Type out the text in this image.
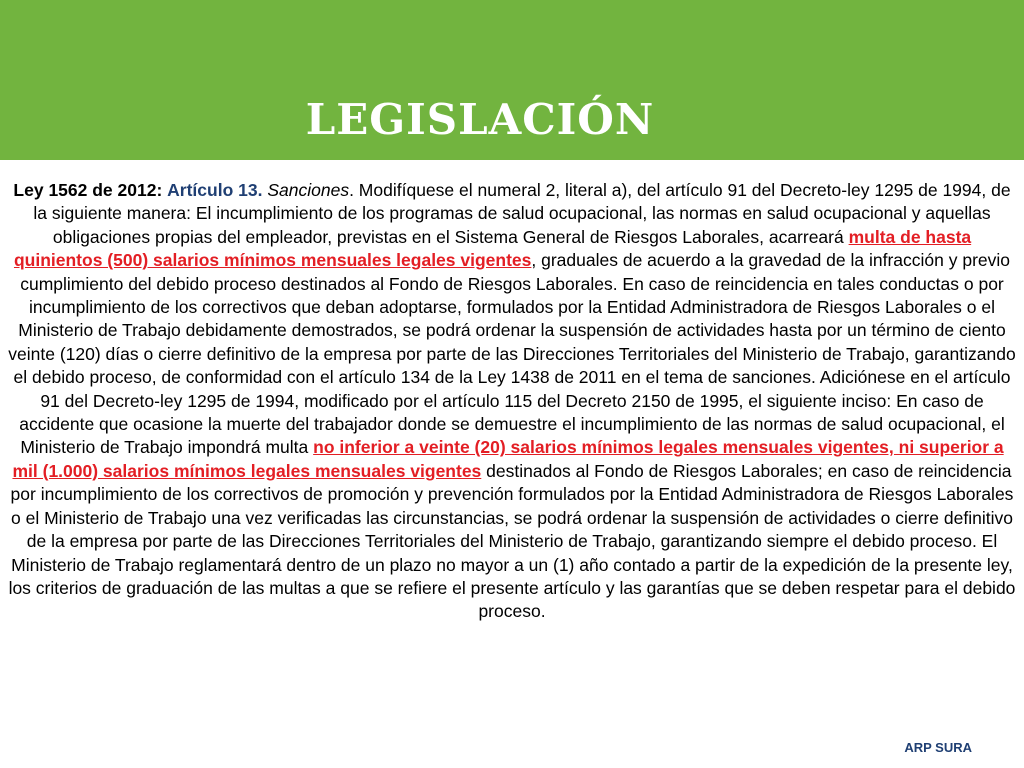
LEGISLACIÓN
Ley 1562 de 2012: Artículo 13. Sanciones. Modifíquese el numeral 2, literal a), del artículo 91 del Decreto-ley 1295 de 1994, de la siguiente manera: El incumplimiento de los programas de salud ocupacional, las normas en salud ocupacional y aquellas obligaciones propias del empleador, previstas en el Sistema General de Riesgos Laborales, acarreará multa de hasta quinientos (500) salarios mínimos mensuales legales vigentes, graduales de acuerdo a la gravedad de la infracción y previo cumplimiento del debido proceso destinados al Fondo de Riesgos Laborales. En caso de reincidencia en tales conductas o por incumplimiento de los correctivos que deban adoptarse, formulados por la Entidad Administradora de Riesgos Laborales o el Ministerio de Trabajo debidamente demostrados, se podrá ordenar la suspensión de actividades hasta por un término de ciento veinte (120) días o cierre definitivo de la empresa por parte de las Direcciones Territoriales del Ministerio de Trabajo, garantizando el debido proceso, de conformidad con el artículo 134 de la Ley 1438 de 2011 en el tema de sanciones. Adiciónese en el artículo 91 del Decreto-ley 1295 de 1994, modificado por el artículo 115 del Decreto 2150 de 1995, el siguiente inciso: En caso de accidente que ocasione la muerte del trabajador donde se demuestre el incumplimiento de las normas de salud ocupacional, el Ministerio de Trabajo impondrá multa no inferior a veinte (20) salarios mínimos legales mensuales vigentes, ni superior a mil (1.000) salarios mínimos legales mensuales vigentes destinados al Fondo de Riesgos Laborales; en caso de reincidencia por incumplimiento de los correctivos de promoción y prevención formulados por la Entidad Administradora de Riesgos Laborales o el Ministerio de Trabajo una vez verificadas las circunstancias, se podrá ordenar la suspensión de actividades o cierre definitivo de la empresa por parte de las Direcciones Territoriales del Ministerio de Trabajo, garantizando siempre el debido proceso. El Ministerio de Trabajo reglamentará dentro de un plazo no mayor a un (1) año contado a partir de la expedición de la presente ley, los criterios de graduación de las multas a que se refiere el presente artículo y las garantías que se deben respetar para el debido proceso.
ARP SURA
